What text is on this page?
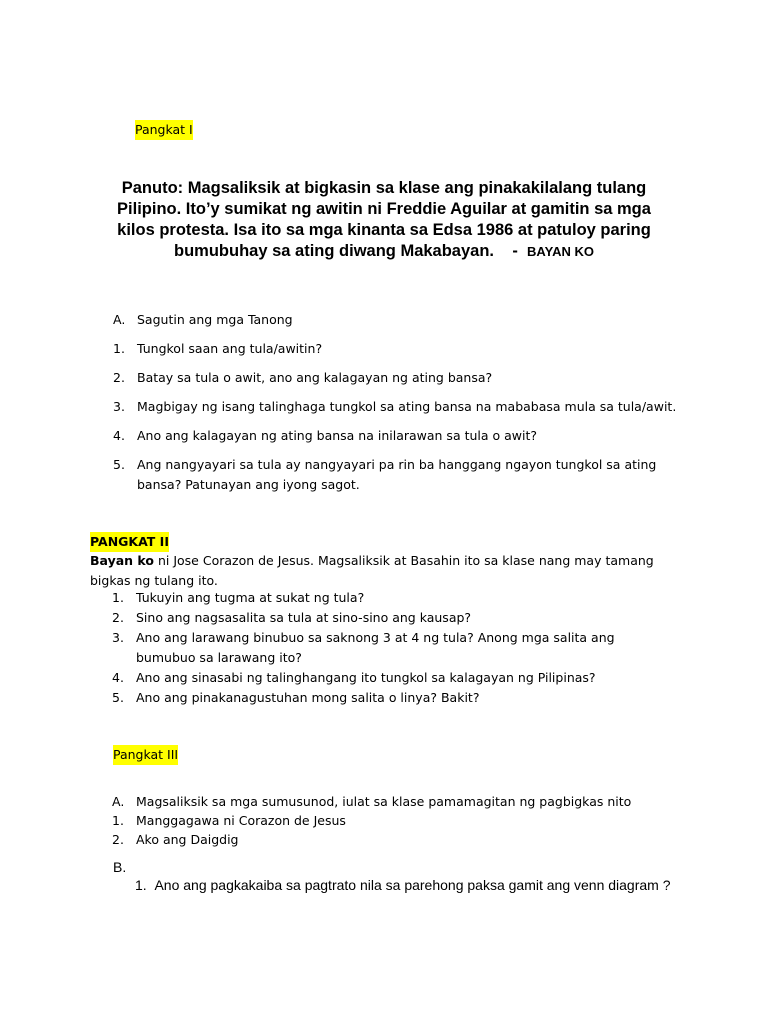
Pangkat I
Panuto: Magsaliksik at bigkasin sa klase ang pinakakilalang tulang Pilipino. Ito’y sumikat ng awitin ni Freddie Aguilar at gamitin sa mga kilos protesta. Isa ito sa mga kinanta sa Edsa 1986 at patuloy paring bumubuhay sa ating diwang Makabayan. - BAYAN KO
A. Sagutin ang mga Tanong
1. Tungkol saan ang tula/awitin?
2. Batay sa tula o awit, ano ang kalagayan ng ating bansa?
3. Magbigay ng isang talinghaga tungkol sa ating bansa na mababasa mula sa tula/awit.
4. Ano ang kalagayan ng ating bansa na inilarawan sa tula o awit?
5. Ang nangyayari sa tula ay nangyayari pa rin ba hanggang ngayon tungkol sa ating bansa? Patunayan ang iyong sagot.
PANGKAT II
Bayan ko ni Jose Corazon de Jesus. Magsaliksik at Basahin ito sa klase nang may tamang bigkas ng tulang ito.
1. Tukuyin ang tugma at sukat ng tula?
2. Sino ang nagsasalita sa tula at sino-sino ang kausap?
3. Ano ang larawang binubuo sa saknong 3 at 4 ng tula? Anong mga salita ang bumubuo sa larawang ito?
4. Ano ang sinasabi ng talinghangang ito tungkol sa kalagayan ng Pilipinas?
5. Ano ang pinakanagustuhan mong salita o linya? Bakit?
Pangkat III
A. Magsaliksik sa mga sumusunod, iulat sa klase pamamagitan ng pagbigkas nito
1. Manggagawa ni Corazon de Jesus
2. Ako ang Daigdig
B.
1. Ano ang pagkakaiba sa pagtrato nila sa parehong paksa gamit ang venn diagram ?
